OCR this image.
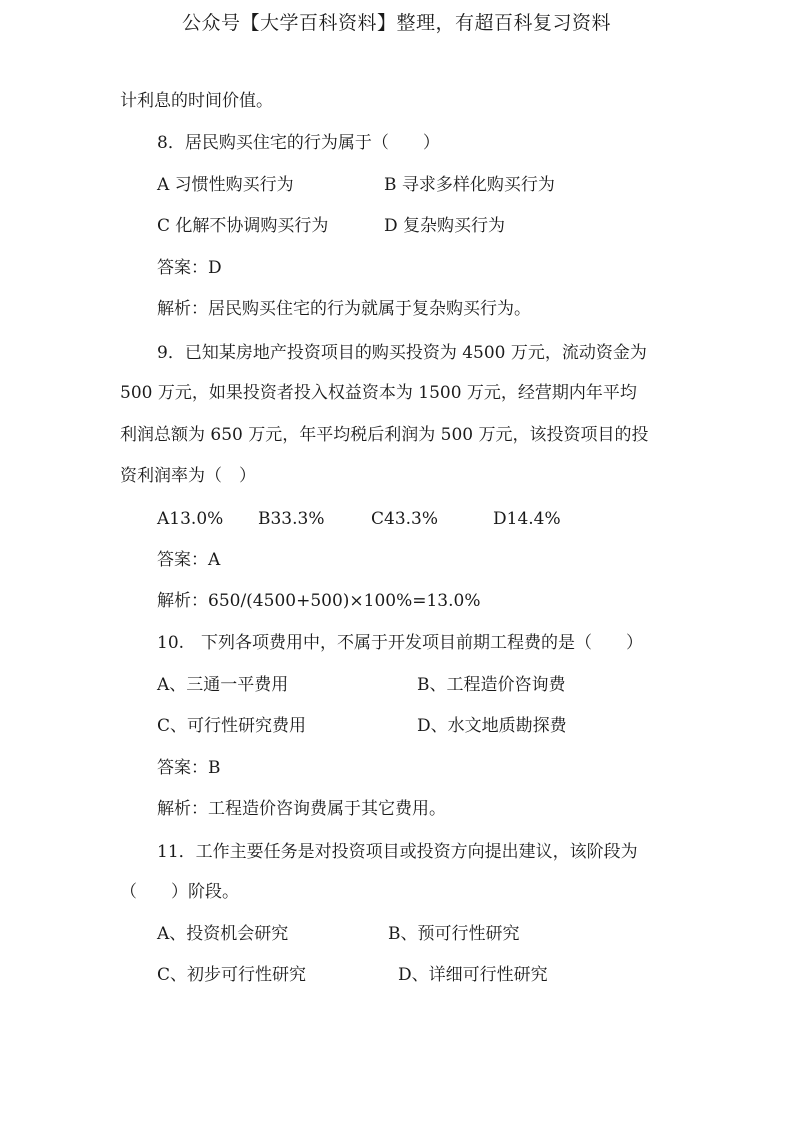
公众号【大学百科资料】整理，有超百科复习资料
计利息的时间价值。
8．居民购买住宅的行为属于（　　）
A 习惯性购买行为	B 寻求多样化购买行为
C 化解不协调购买行为	D 复杂购买行为
答案：D
解析：居民购买住宅的行为就属于复杂购买行为。
9．已知某房地产投资项目的购买投资为 4500 万元，流动资金为
500 万元，如果投资者投入权益资本为 1500 万元，经营期内年平均
利润总额为 650 万元，年平均税后利润为 500 万元，该投资项目的投
资利润率为（　）
A13.0% B33.3%	C43.3%	D14.4%
答案：A
解析：650/(4500+500)×100%=13.0%
10.　下列各项费用中，不属于开发项目前期工程费的是（　　）
A、三通一平费用	B、工程造价咨询费
C、可行性研究费用	D、水文地质勘探费
答案：B
解析：工程造价咨询费属于其它费用。
11．工作主要任务是对投资项目或投资方向提出建议，该阶段为
（　　）阶段。
A、投资机会研究	B、预可行性研究
C、初步可行性研究	D、详细可行性研究
